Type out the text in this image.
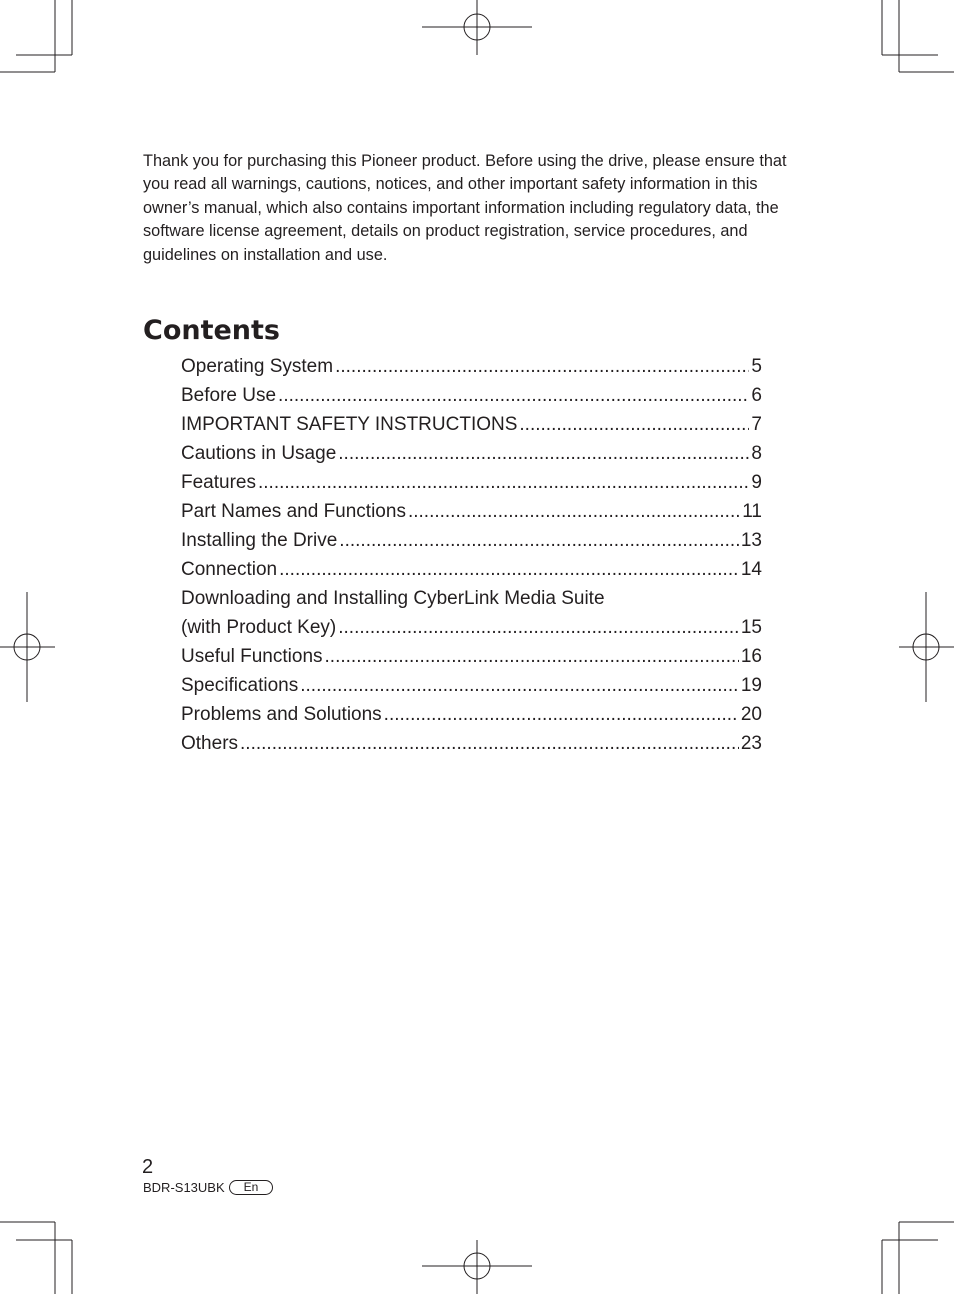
Thank you for purchasing this Pioneer product. Before using the drive, please ensure that you read all warnings, cautions, notices, and other important safety information in this owner’s manual, which also contains important information including regulatory data, the software license agreement, details on product registration, service procedures, and guidelines on installation and use.

Contents
Operating System .....	5
Before Use .....	6
IMPORTANT SAFETY INSTRUCTIONS .....	7
Cautions in Usage .....	8
Features .....	9
Part Names and Functions .....	11
Installing the Drive .....	13
Connection .....	14
Downloading and Installing CyberLink Media Suite
(with Product Key) .....	15
Useful Functions .....	16
Specifications .....	19
Problems and Solutions .....	20
Others .....	23

2

BDR-S13UBK	En
